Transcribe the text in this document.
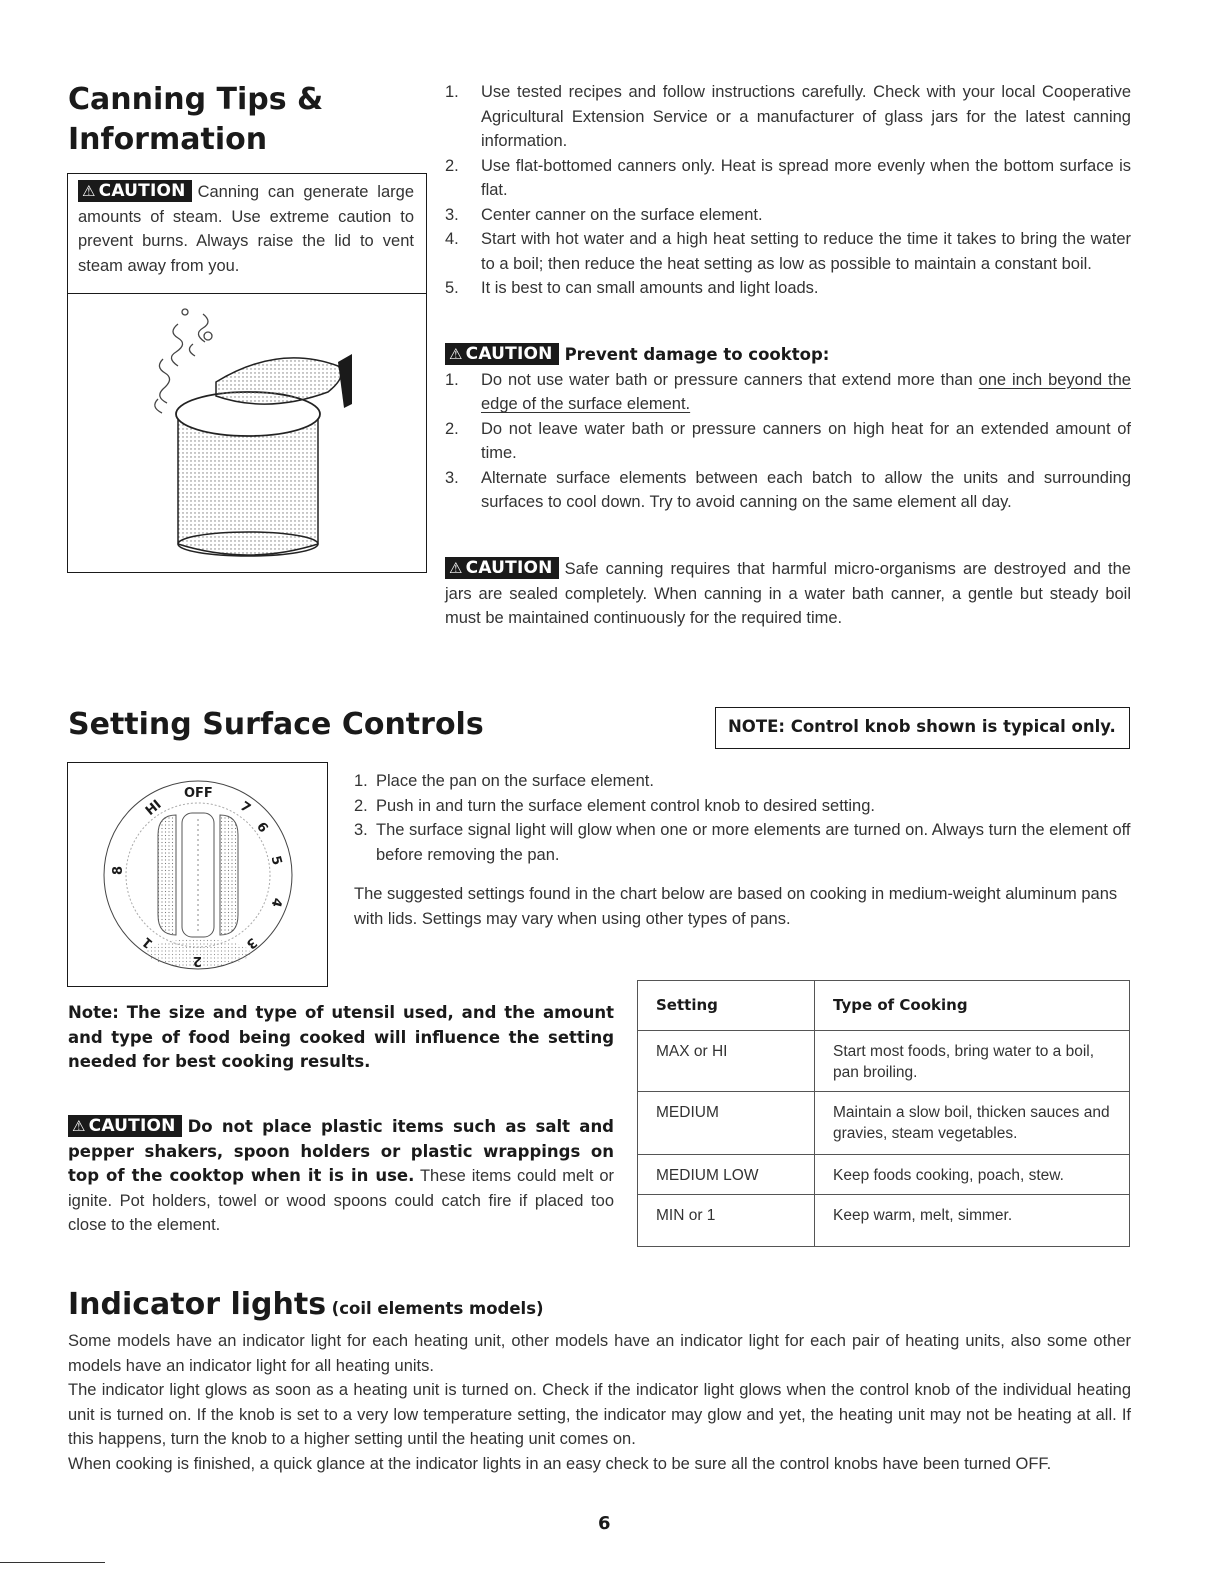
Canning Tips &
Information
⚠ CAUTION Canning can generate large amounts of steam. Use extreme caution to prevent burns. Always raise the lid to vent steam away from you.
1. Use tested recipes and follow instructions carefully. Check with your local Cooperative Agricultural Extension Service or a manufacturer of glass jars for the latest canning information.
2. Use flat-bottomed canners only. Heat is spread more evenly when the bottom surface is flat.
3. Center canner on the surface element.
4. Start with hot water and a high heat setting to reduce the time it takes to bring the water to a boil; then reduce the heat setting as low as possible to maintain a constant boil.
5. It is best to can small amounts and light loads.
⚠ CAUTION Prevent damage to cooktop:
1. Do not use water bath or pressure canners that extend more than one inch beyond the edge of the surface element.
2. Do not leave water bath or pressure canners on high heat for an extended amount of time.
3. Alternate surface elements between each batch to allow the units and surrounding surfaces to cool down. Try to avoid canning on the same element all day.
⚠ CAUTION Safe canning requires that harmful micro-organisms are destroyed and the jars are sealed completely. When canning in a water bath canner, a gentle but steady boil must be maintained continuously for the required time.
Setting Surface Controls	NOTE: Control knob shown is typical only.
OFF
HI	7
6
5
4
3
2
1
8
1. Place the pan on the surface element.
2. Push in and turn the surface element control knob to desired setting.
3. The surface signal light will glow when one or more elements are turned on. Always turn the element off before removing the pan.
The suggested settings found in the chart below are based on cooking in medium-weight aluminum pans with lids. Settings may vary when using other types of pans.
Note: The size and type of utensil used, and the amount and type of food being cooked will influence the setting needed for best cooking results.
⚠ CAUTION Do not place plastic items such as salt and pepper shakers, spoon holders or plastic wrappings on top of the cooktop when it is in use. These items could melt or ignite. Pot holders, towel or wood spoons could catch fire if placed too close to the element.
Setting	Type of Cooking
MAX or HI	Start most foods, bring water to a boil, pan broiling.
MEDIUM	Maintain a slow boil, thicken sauces and gravies, steam vegetables.
MEDIUM LOW	Keep foods cooking, poach, stew.
MIN or 1	Keep warm, melt, simmer.
Indicator lights (coil elements models)
Some models have an indicator light for each heating unit, other models have an indicator light for each pair of heating units, also some other models have an indicator light for all heating units.
The indicator light glows as soon as a heating unit is turned on. Check if the indicator light glows when the control knob of the individual heating unit is turned on. If the knob is set to a very low temperature setting, the indicator may glow and yet, the heating unit may not be heating at all. If this happens, turn the knob to a higher setting until the heating unit comes on.
When cooking is finished, a quick glance at the indicator lights in an easy check to be sure all the control knobs have been turned OFF.
6
